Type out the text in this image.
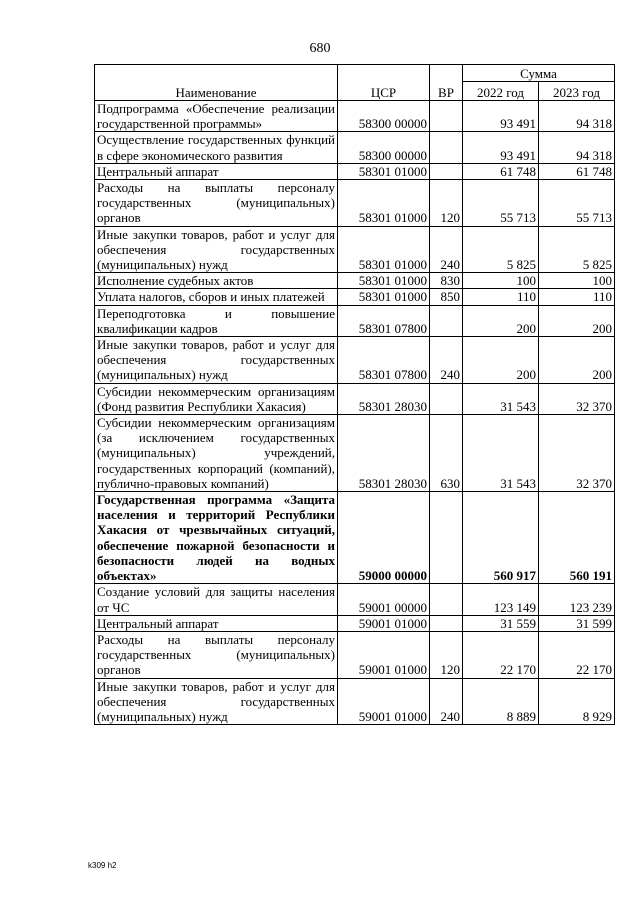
680
Наименование	ЦСР	ВР	Сумма	
			2022 год	2023 год
Подпрограмма «Обеспечение реализации государственной программы»	58300 00000		93 491	94 318
Осуществление государственных функций в сфере экономического развития	58300 00000		93 491	94 318
Центральный аппарат	58301 01000		61 748	61 748
Расходы на выплаты персоналу государственных (муниципальных) органов	58301 01000	120	55 713	55 713
Иные закупки товаров, работ и услуг для обеспечения государственных (муниципальных) нужд	58301 01000	240	5 825	5 825
Исполнение судебных актов	58301 01000	830	100	100
Уплата налогов, сборов и иных платежей	58301 01000	850	110	110
Переподготовка и повышение квалификации кадров	58301 07800		200	200
Иные закупки товаров, работ и услуг для обеспечения государственных (муниципальных) нужд	58301 07800	240	200	200
Субсидии некоммерческим организациям (Фонд развития Республики Хакасия)	58301 28030		31 543	32 370
Субсидии некоммерческим организациям (за исключением государственных (муниципальных) учреждений, государственных корпораций (компаний), публично-правовых компаний)	58301 28030	630	31 543	32 370
Государственная программа «Защита населения и территорий Республики Хакасия от чрезвычайных ситуаций, обеспечение пожарной безопасности и безопасности людей на водных объектах»	59000 00000		560 917	560 191
Создание условий для защиты населения от ЧС	59001 00000		123 149	123 239
Центральный аппарат	59001 01000		31 559	31 599
Расходы на выплаты персоналу государственных (муниципальных) органов	59001 01000	120	22 170	22 170
Иные закупки товаров, работ и услуг для обеспечения государственных (муниципальных) нужд	59001 01000	240	8 889	8 929
k309 h2
